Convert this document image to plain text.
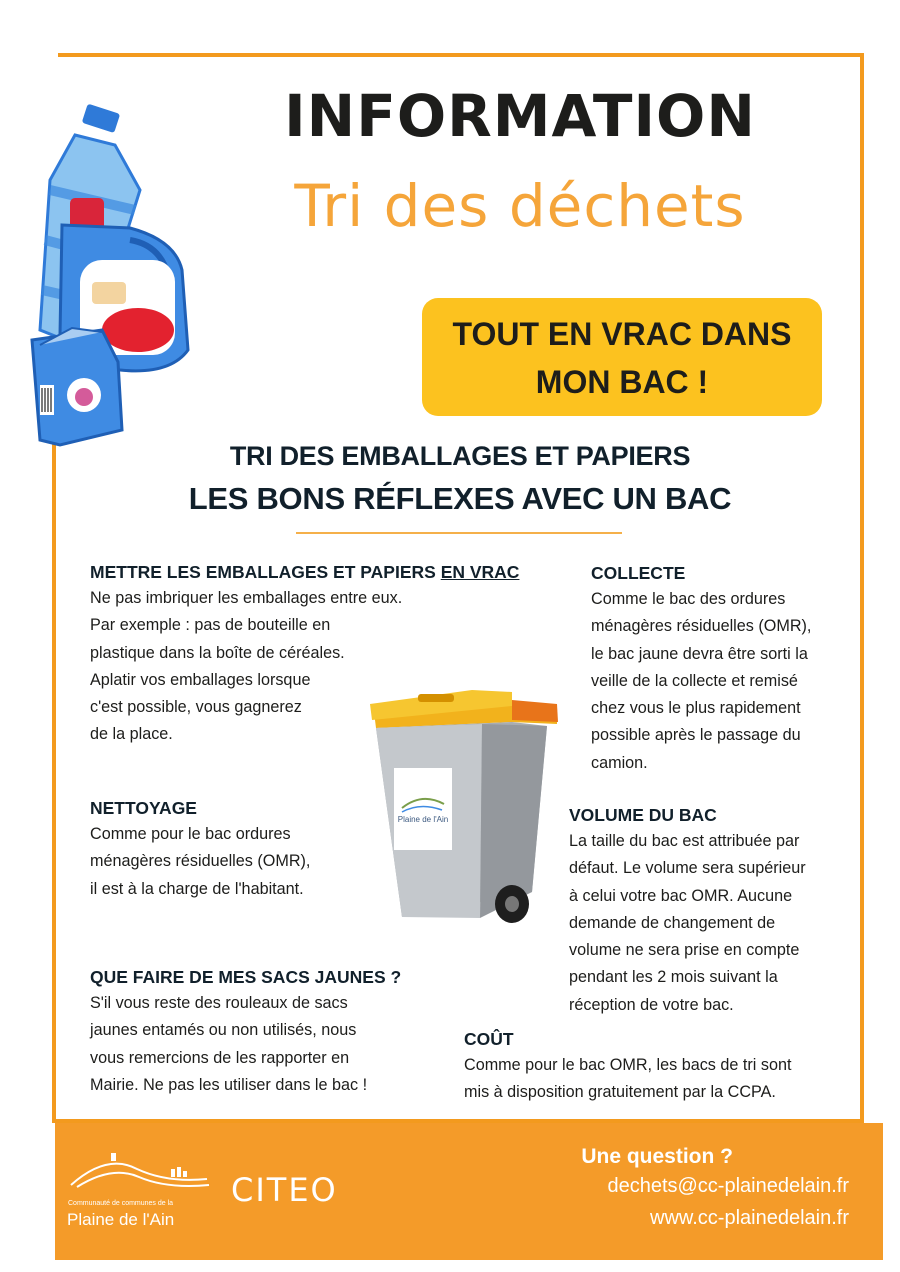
INFORMATION
Tri des déchets
TOUT EN VRAC DANS
MON BAC !
TRI DES EMBALLAGES ET PAPIERS
LES BONS RÉFLEXES AVEC UN BAC
METTRE LES EMBALLAGES ET PAPIERS EN VRAC

Ne pas imbriquer les emballages entre eux.

Par exemple : pas de bouteille en

plastique dans la boîte de céréales.

Aplatir vos emballages lorsque

c'est possible, vous gagnerez

de la place.

NETTOYAGE

Comme pour le bac ordures

ménagères résiduelles (OMR),

il est à la charge de l'habitant.

QUE FAIRE DE MES SACS JAUNES ?

S'il vous reste des rouleaux de sacs

jaunes entamés ou non utilisés, nous

vous remercions de les rapporter en

Mairie. Ne pas les utiliser dans le bac !

COLLECTE

Comme le bac des ordures

ménagères résiduelles (OMR),

le bac jaune devra être sorti la

veille de la collecte et remisé

chez vous le plus rapidement

possible après le passage du

camion.

VOLUME DU BAC

La taille du bac est attribuée par

défaut. Le volume sera supérieur

à celui votre bac OMR. Aucune

demande de changement de

volume ne sera prise en compte

pendant les 2 mois suivant la

réception de votre bac.

COÛT

Comme pour le bac OMR, les bacs de tri sont

mis à disposition gratuitement par la CCPA.

Plaine de l'Ain
Communauté de communes de la
Plaine de l'Ain
CITEO
Une question ?
dechets@cc-plainedelain.fr
www.cc-plainedelain.fr
